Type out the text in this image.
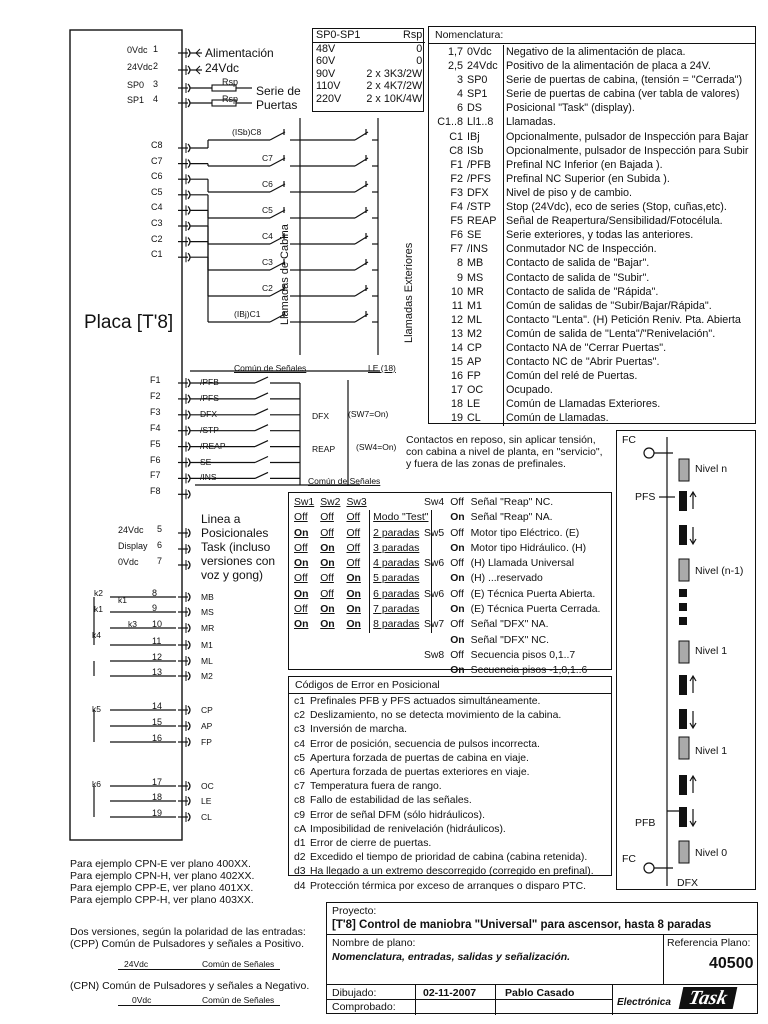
Placa [T'8]
Alimentación
24Vdc
Rsp
Rsp
Serie de
Puertas
Llamadas de Cabina	Llamadas Exteriores
Común de Señales	LE (18)
DFX (SW7=On)
REAP (SW4=On)
Común de Señales
Linea a
Posicionales
Task (incluso
versiones con
voz y gong)
SP0-SP1	Rsp
48V	0
60V	0
90V	2 x 3K3/2W
110V	2 x 4K7/2W
220V	2 x 10K/4W
Nomenclatura:
1,7	0Vdc	Negativo de la alimentación de placa.
2,5	24Vdc	Positivo de la alimentación de placa a 24V.
3	SP0	Serie de puertas de cabina, (tensión = "Cerrada")
4	SP1	Serie de puertas de cabina (ver tabla de valores)
6	DS	Posicional "Task" (display).
C1..8	Ll1..8	Llamadas.
C1	IBj	Opcionalmente, pulsador de Inspección para Bajar
C8	ISb	Opcionalmente, pulsador de Inspección para Subir
F1	/PFB	Prefinal NC Inferior (en Bajada ).
F2	/PFS	Prefinal NC Superior (en Subida ).
F3	DFX	Nivel de piso y de cambio.
F4	/STP	Stop (24Vdc), eco de series (Stop, cuñas,etc).
F5	REAP	Señal de Reapertura/Sensibilidad/Fotocélula.
F6	SE	Serie exteriores, y todas las anteriores.
F7	/INS	Conmutador NC de Inspección.
8	MB	Contacto de salida de "Bajar".
9	MS	Contacto de salida de "Subir".
10	MR	Contacto de salida de "Rápida".
11	M1	Común de salidas de "Subir/Bajar/Rápida".
12	ML	Contacto "Lenta". (H) Petición Reniv. Pta. Abierta
13	M2	Común de salida de "Lenta"/"Renivelación".
14	CP	Contacto NA de "Cerrar Puertas".
15	AP	Contacto NC de "Abrir Puertas".
16	FP	Común del relé de Puertas.
17	OC	Ocupado.
18	LE	Común de Llamadas Exteriores.
19	CL	Común de Llamadas.
Contactos en reposo, sin aplicar tensión,
con cabina a nivel de planta, en "servicio",
y fuera de las zonas de prefinales.
Sw1	Sw2	Sw3	
Off	Off	Off	Modo "Test"
On	Off	Off	2 paradas
Off	On	Off	3 paradas
On	On	Off	4 paradas
Off	Off	On	5 paradas
On	Off	On	6 paradas
Off	On	On	7 paradas
On	On	On	8 paradas
Sw4	Off	Señal "Reap" NC.
	On	Señal "Reap" NA.
Sw5	Off	Motor tipo Eléctrico. (E)
	On	Motor tipo Hidráulico. (H)
Sw6	Off	(H) Llamada Universal
	On	(H) ...reservado
Sw6	Off	(E) Técnica Puerta Abierta.
	On	(E) Técnica Puerta Cerrada.
Sw7	Off	Señal "DFX" NA.
	On	Señal "DFX" NC.
Sw8	Off	Secuencia pisos 0,1..7
	On	Secuencia pisos -1,0,1..6
Códigos de Error en Posicional
c1 Prefinales PFB y PFS actuados simultáneamente.
c2 Deslizamiento, no se detecta movimiento de la cabina.
c3 Inversión de marcha.
c4 Error de posición, secuencia de pulsos incorrecta.
c5 Apertura forzada de puertas de cabina en viaje.
c6 Apertura forzada de puertas exteriores en viaje.
c7 Temperatura fuera de rango.
c8 Fallo de estabilidad de las señales.
c9 Error de señal DFM (sólo hidráulicos).
cA Imposibilidad de renivelación (hidráulicos).
d1 Error de cierre de puertas.
d2 Excedido el tiempo de prioridad de cabina (cabina retenida).
d3 Ha llegado a un extremo descorregido (corregido en prefinal).
d4 Protección térmica por exceso de arranques o disparo PTC.
FC
PFS
PFB
FC
DFX
Nivel n
Nivel (n-1)
Nivel 1
Nivel 1
Nivel 0
Para ejemplo CPN-E ver plano 400XX.
Para ejemplo CPN-H, ver plano 402XX.
Para ejemplo CPP-E, ver plano 401XX.
Para ejemplo CPP-H, ver plano 403XX.
Dos versiones, según la polaridad de las entradas:
(CPP) Común de Pulsadores y señales a Positivo.
24Vdc	Común de Señales
(CPN) Común de Pulsadores y señales a Negativo.
0Vdc	Común de Señales
Proyecto:
[T'8] Control de maniobra "Universal" para ascensor, hasta 8 paradas
Nombre de plano:
Nomenclatura, entradas, salidas y señalización.
Referencia Plano:
40500
Dibujado:
Comprobado:
02-11-2007	Pablo Casado
Electrónica Task
0Vdc 1
24Vdc 2
SP0 3
SP1 4
C8
(ISb)C8
C7	C7
C6
C6
C5
C5
C4
C4
C3
C3
C2
C2
C1
(IBj)C1
F1	/PFB
F2	/PFS
F3	DFX
F4	/STP
F5	/REAP
F6	SE
F7	/INS
F8
24Vdc 5
Display 6
0Vdc 7
8	MB
9	MS
10	MR
11	M1
12	ML
13	M2
14	CP
15	AP
16	FP
17	OC
18	LE
19	CL
k2
k1
k3
k1
k4
k5
k6
